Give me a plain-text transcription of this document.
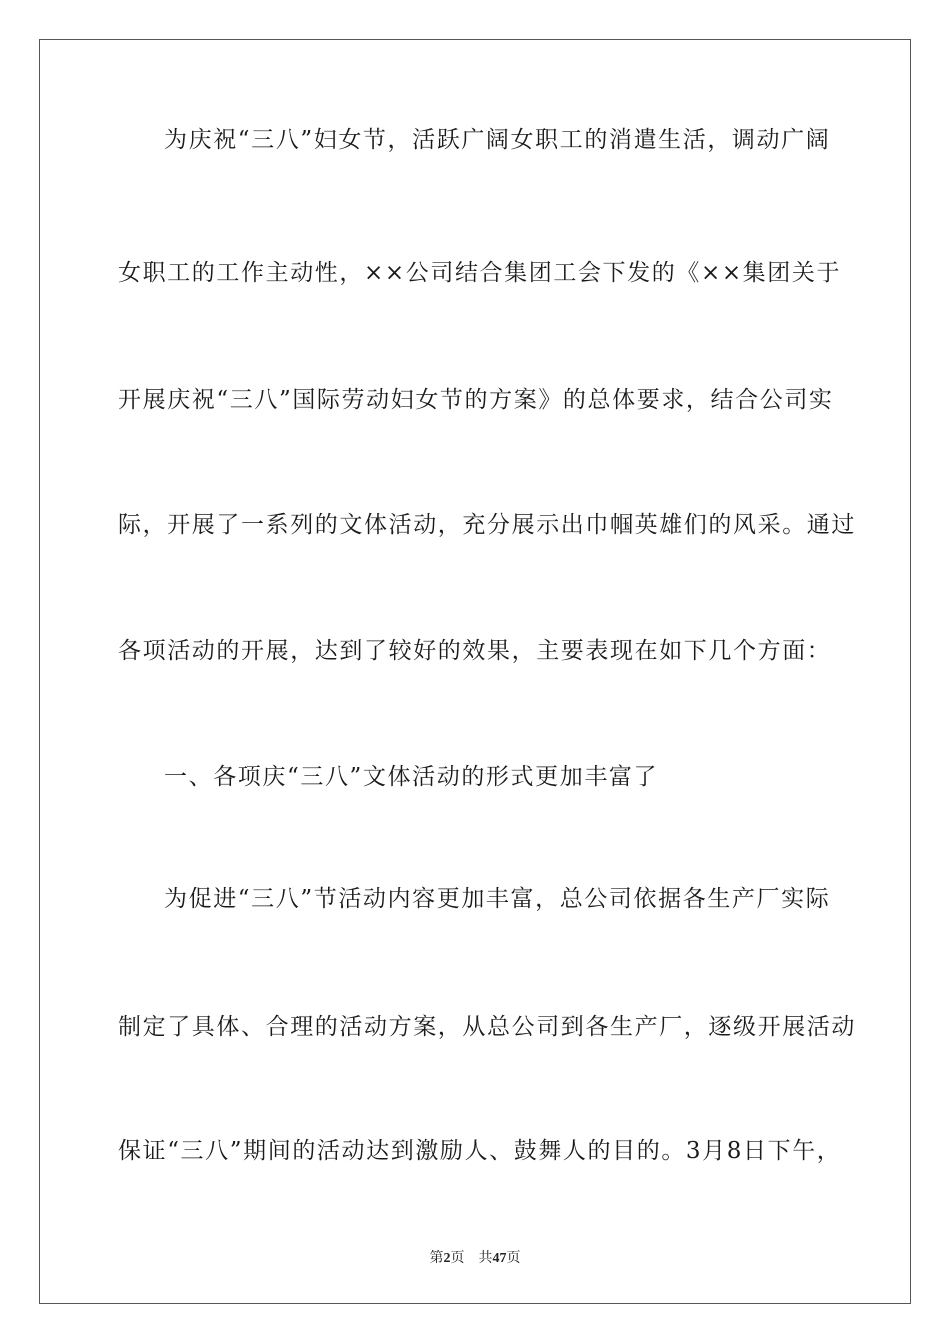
为庆祝“三八”妇女节，活跃广阔女职工的消遣生活，调动广阔
女职工的工作主动性，××公司结合集团工会下发的《××集团关于
开展庆祝“三八”国际劳动妇女节的方案》的总体要求，结合公司实
际，开展了一系列的文体活动，充分展示出巾帼英雄们的风采。通过
各项活动的开展，达到了较好的效果，主要表现在如下几个方面：
一、各项庆“三八”文体活动的形式更加丰富了
为促进“三八”节活动内容更加丰富，总公司依据各生产厂实际
制定了具体、合理的活动方案，从总公司到各生产厂，逐级开展活动
保证“三八”期间的活动达到激励人、鼓舞人的目的。3月8日下午，
第2页 共47页
